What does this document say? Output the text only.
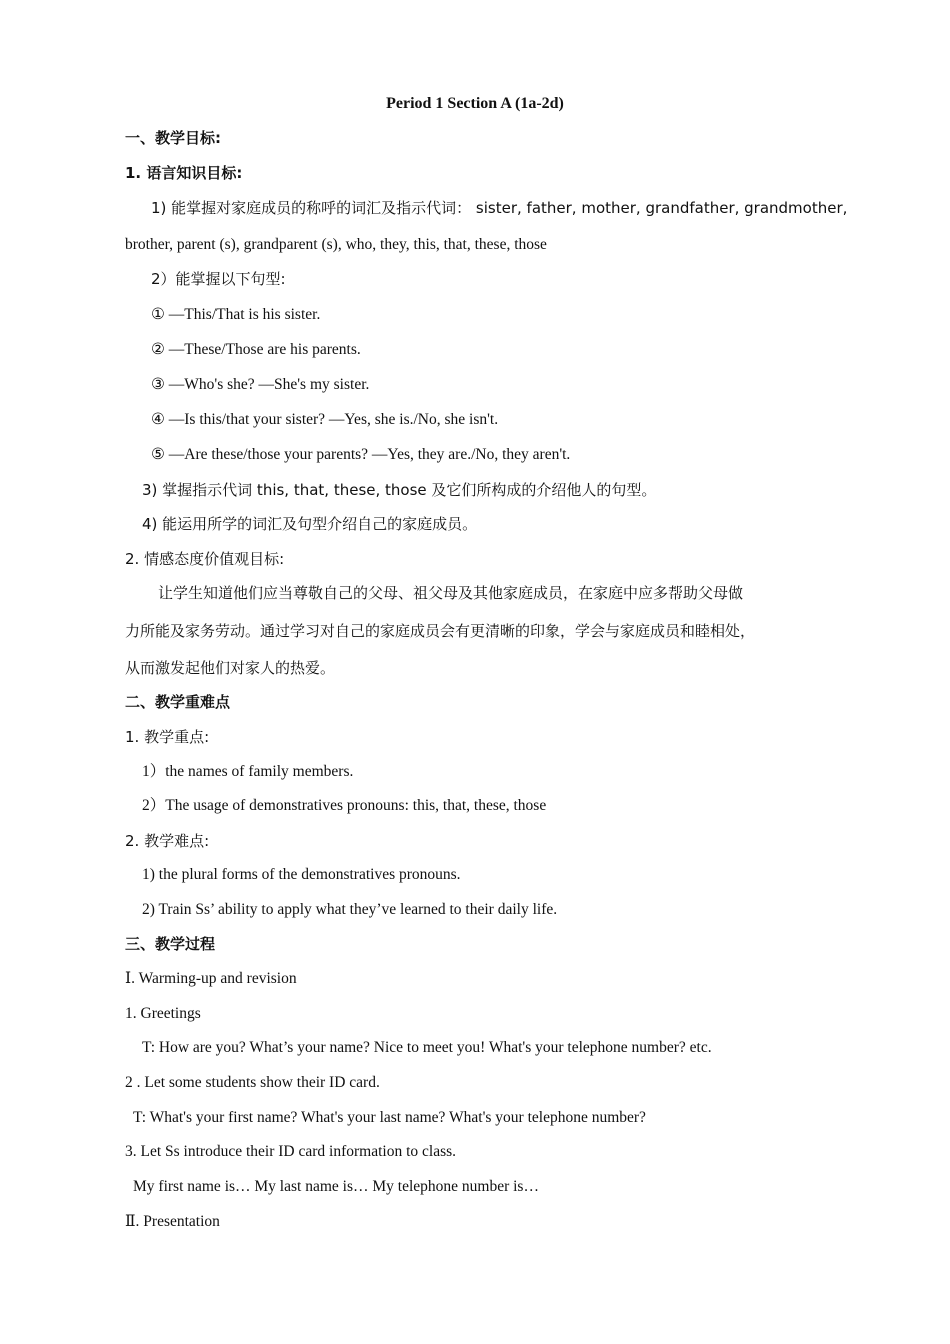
Period 1 Section A (1a-2d)
一、教学目标:
1. 语言知识目标:
1) 能掌握对家庭成员的称呼的词汇及指示代词： sister, father, mother, grandfather, grandmother,
brother, parent (s), grandparent (s), who, they, this, that, these, those
2）能掌握以下句型:
① —This/That is his sister.
② —These/Those are his parents.
③ —Who's she? —She's my sister.
④ —Is this/that your sister? —Yes, she is./No, she isn't.
⑤ —Are these/those your parents? —Yes, they are./No, they aren't.
3) 掌握指示代词 this, that, these, those 及它们所构成的介绍他人的句型。
4) 能运用所学的词汇及句型介绍自己的家庭成员。
2. 情感态度价值观目标:
让学生知道他们应当尊敬自己的父母、祖父母及其他家庭成员，在家庭中应多帮助父母做
力所能及家务劳动。通过学习对自己的家庭成员会有更清晰的印象，学会与家庭成员和睦相处，
从而激发起他们对家人的热爱。
二、教学重难点
1. 教学重点:
1）the names of family members.
2）The usage of demonstratives pronouns: this, that, these, those
2. 教学难点:
1) the plural forms of the demonstratives pronouns.
2) Train Ss’ ability to apply what they’ve learned to their daily life.
三、教学过程
Ⅰ. Warming-up and revision
1. Greetings
T: How are you? What’s your name? Nice to meet you! What's your telephone number? etc.
2 . Let some students show their ID card.
T: What's your first name? What's your last name? What's your telephone number?
3. Let Ss introduce their ID card information to class.
My first name is… My last name is… My telephone number is…
Ⅱ. Presentation
